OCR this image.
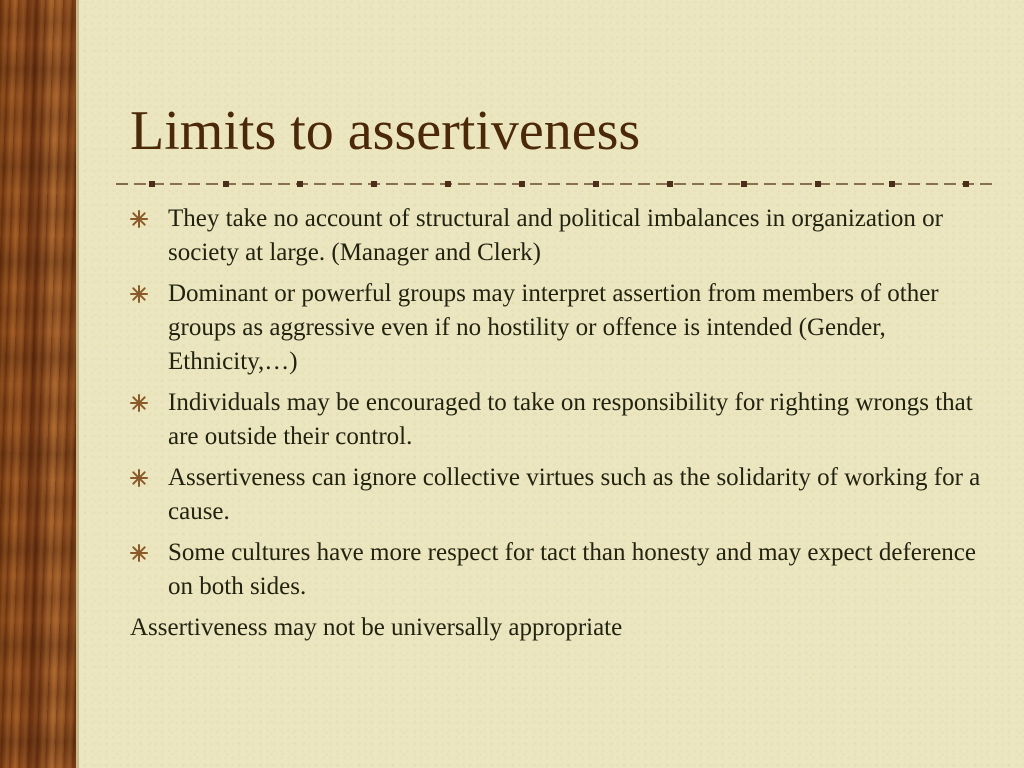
Limits to assertiveness
They take no account of structural and political imbalances in organization or society at large. (Manager and Clerk)
Dominant or powerful groups may interpret assertion from members of other groups as aggressive even if no hostility or offence is intended (Gender, Ethnicity,…)
Individuals may be encouraged to take on responsibility for righting wrongs that are outside their control.
Assertiveness can ignore collective virtues such as the solidarity of working for a cause.
Some cultures have more respect for tact than honesty and may expect deference on both sides.
Assertiveness may not be universally appropriate
